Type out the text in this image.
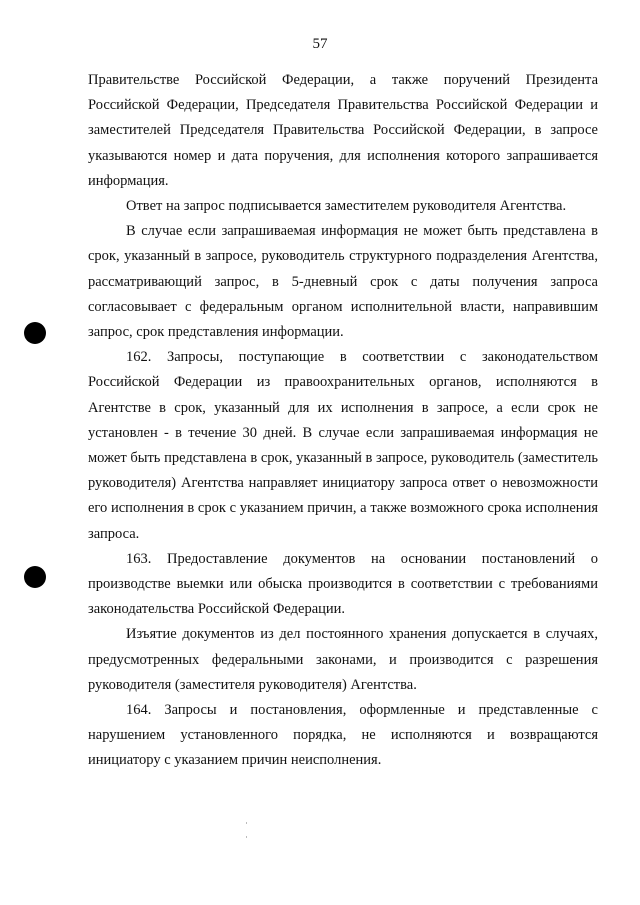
57

Правительстве Российской Федерации, а также поручений Президента Российской Федерации, Председателя Правительства Российской Федерации и заместителей Председателя Правительства Российской Федерации, в запросе указываются номер и дата поручения, для исполнения которого запрашивается информация.

Ответ на запрос подписывается заместителем руководителя Агентства.

В случае если запрашиваемая информация не может быть представлена в срок, указанный в запросе, руководитель структурного подразделения Агентства, рассматривающий запрос, в 5-дневный срок с даты получения запроса согласовывает с федеральным органом исполнительной власти, направившим запрос, срок представления информации.

162. Запросы, поступающие в соответствии с законодательством Российской Федерации из правоохранительных органов, исполняются в Агентстве в срок, указанный для их исполнения в запросе, а если срок не установлен - в течение 30 дней. В случае если запрашиваемая информация не может быть представлена в срок, указанный в запросе, руководитель (заместитель руководителя) Агентства направляет инициатору запроса ответ о невозможности его исполнения в срок с указанием причин, а также возможного срока исполнения запроса.

163. Предоставление документов на основании постановлений о производстве выемки или обыска производится в соответствии с требованиями законодательства Российской Федерации.

Изъятие документов из дел постоянного хранения допускается в случаях, предусмотренных федеральными законами, и производится с разрешения руководителя (заместителя руководителя) Агентства.

164. Запросы и постановления, оформленные и представленные с нарушением установленного порядка, не исполняются и возвращаются инициатору с указанием причин неисполнения.
